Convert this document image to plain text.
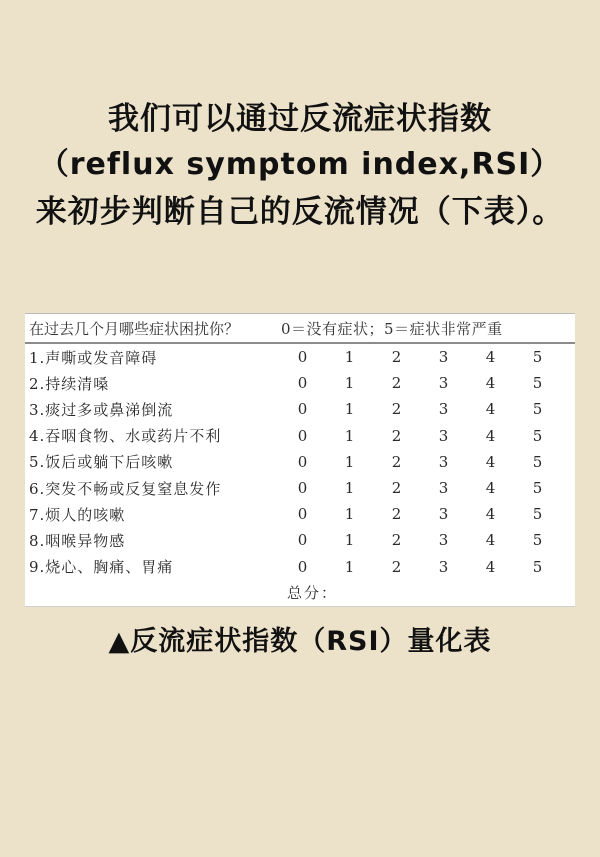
我们可以通过反流症状指数
（reflux symptom index,RSI）
来初步判断自己的反流情况（下表）。
在过去几个月哪些症状困扰你？	0＝没有症状；5＝症状非常严重
1.声嘶或发音障碍	0	1	2	3	4	5
2.持续清嗓	0	1	2	3	4	5
3.痰过多或鼻涕倒流	0	1	2	3	4	5
4.吞咽食物、水或药片不利	0	1	2	3	4	5
5.饭后或躺下后咳嗽	0	1	2	3	4	5
6.突发不畅或反复窒息发作	0	1	2	3	4	5
7.烦人的咳嗽	0	1	2	3	4	5
8.咽喉异物感	0	1	2	3	4	5
9.烧心、胸痛、胃痛	0	1	2	3	4	5
总分：
▲反流症状指数（RSI）量化表
